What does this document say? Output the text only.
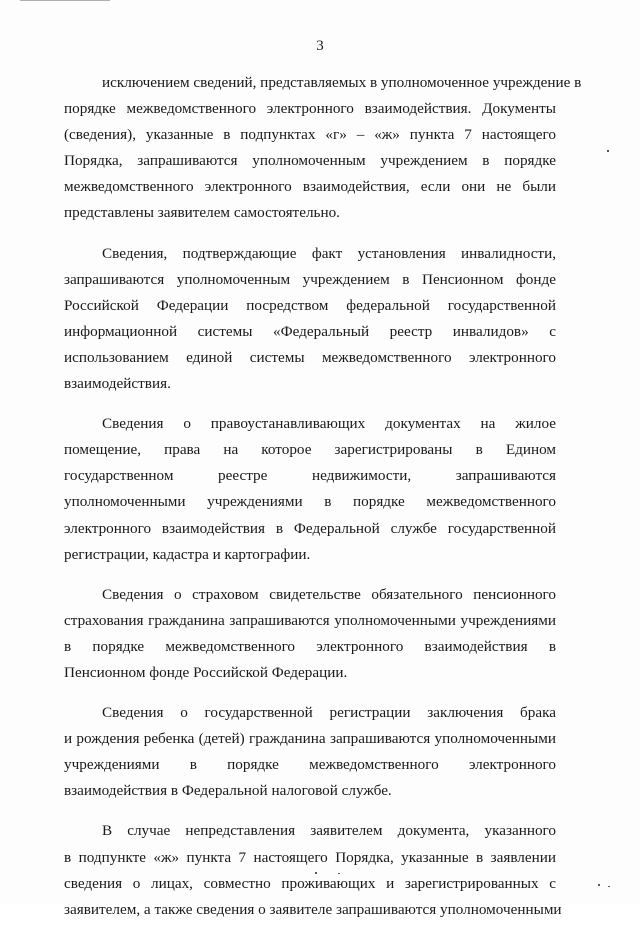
3
исключением сведений, представляемых в уполномоченное учреждение в
порядке межведомственного электронного взаимодействия. Документы
(сведения), указанные в подпунктах «г» – «ж» пункта 7 настоящего
Порядка, запрашиваются уполномоченным учреждением в порядке
межведомственного электронного взаимодействия, если они не были
представлены заявителем самостоятельно.
Сведения, подтверждающие факт установления инвалидности,
запрашиваются уполномоченным учреждением в Пенсионном фонде
Российской Федерации посредством федеральной государственной
информационной системы «Федеральный реестр инвалидов» с
использованием единой системы межведомственного электронного
взаимодействия.
Сведения о правоустанавливающих документах на жилое
помещение, права на которое зарегистрированы в Едином
государственном реестре недвижимости, запрашиваются
уполномоченными учреждениями в порядке межведомственного
электронного взаимодействия в Федеральной службе государственной
регистрации, кадастра и картографии.
Сведения о страховом свидетельстве обязательного пенсионного
страхования гражданина запрашиваются уполномоченными учреждениями
в порядке межведомственного электронного взаимодействия в
Пенсионном фонде Российской Федерации.
Сведения о государственной регистрации заключения брака
и рождения ребенка (детей) гражданина запрашиваются уполномоченными
учреждениями в порядке межведомственного электронного
взаимодействия в Федеральной налоговой службе.
В случае непредставления заявителем документа, указанного
в подпункте «ж» пункта 7 настоящего Порядка, указанные в заявлении
сведения о лицах, совместно проживающих и зарегистрированных с
заявителем, а также сведения о заявителе запрашиваются уполномоченными
